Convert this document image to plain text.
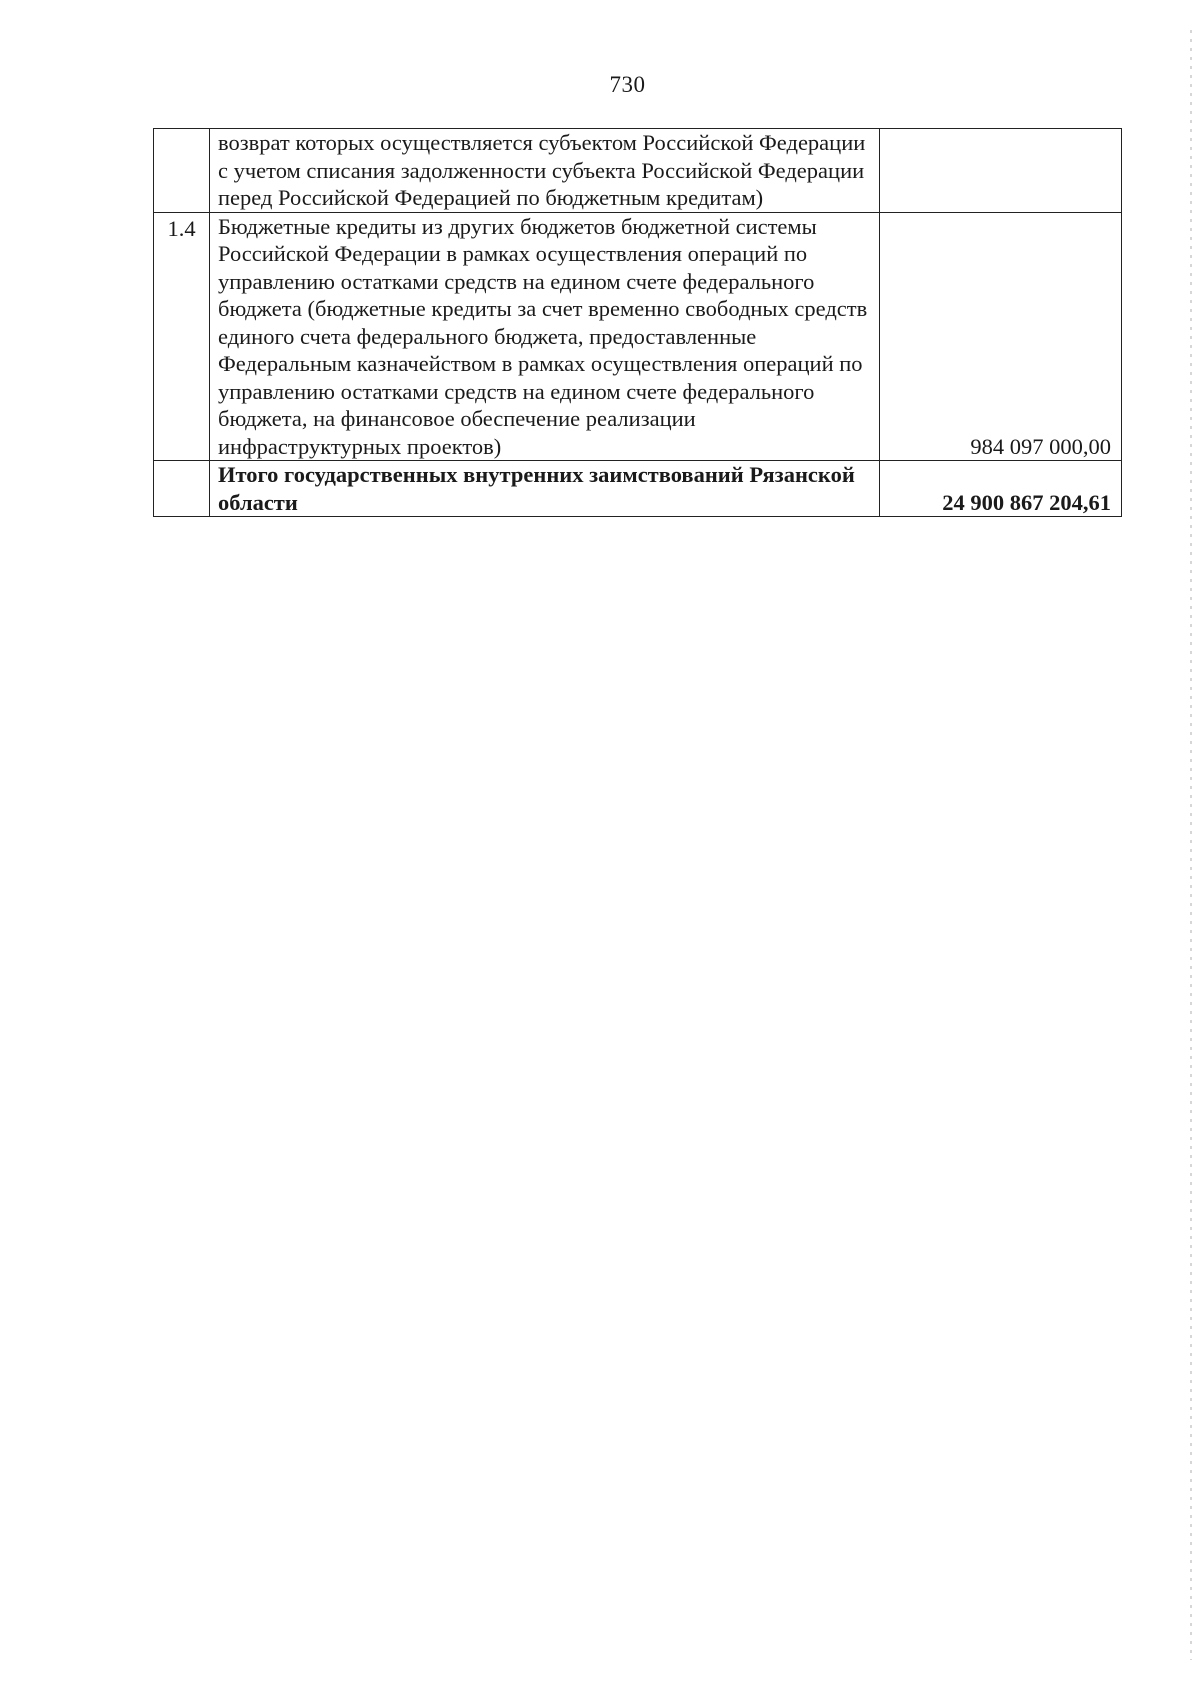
730
	возврат которых осуществляется субъектом Российской Федерации с учетом списания задолженности субъекта Российской Федерации перед Российской Федерацией по бюджетным кредитам)	
1.4	Бюджетные кредиты из других бюджетов бюджетной системы Российской Федерации в рамках осуществления операций по управлению остатками средств на едином счете федерального бюджета (бюджетные кредиты за счет временно свободных средств единого счета федерального бюджета, предоставленные Федеральным казначейством в рамках осуществления операций по управлению остатками средств на едином счете федерального бюджета, на финансовое обеспечение реализации инфраструктурных проектов)	984 097 000,00
	Итого государственных внутренних заимствований Рязанской области	24 900 867 204,61
